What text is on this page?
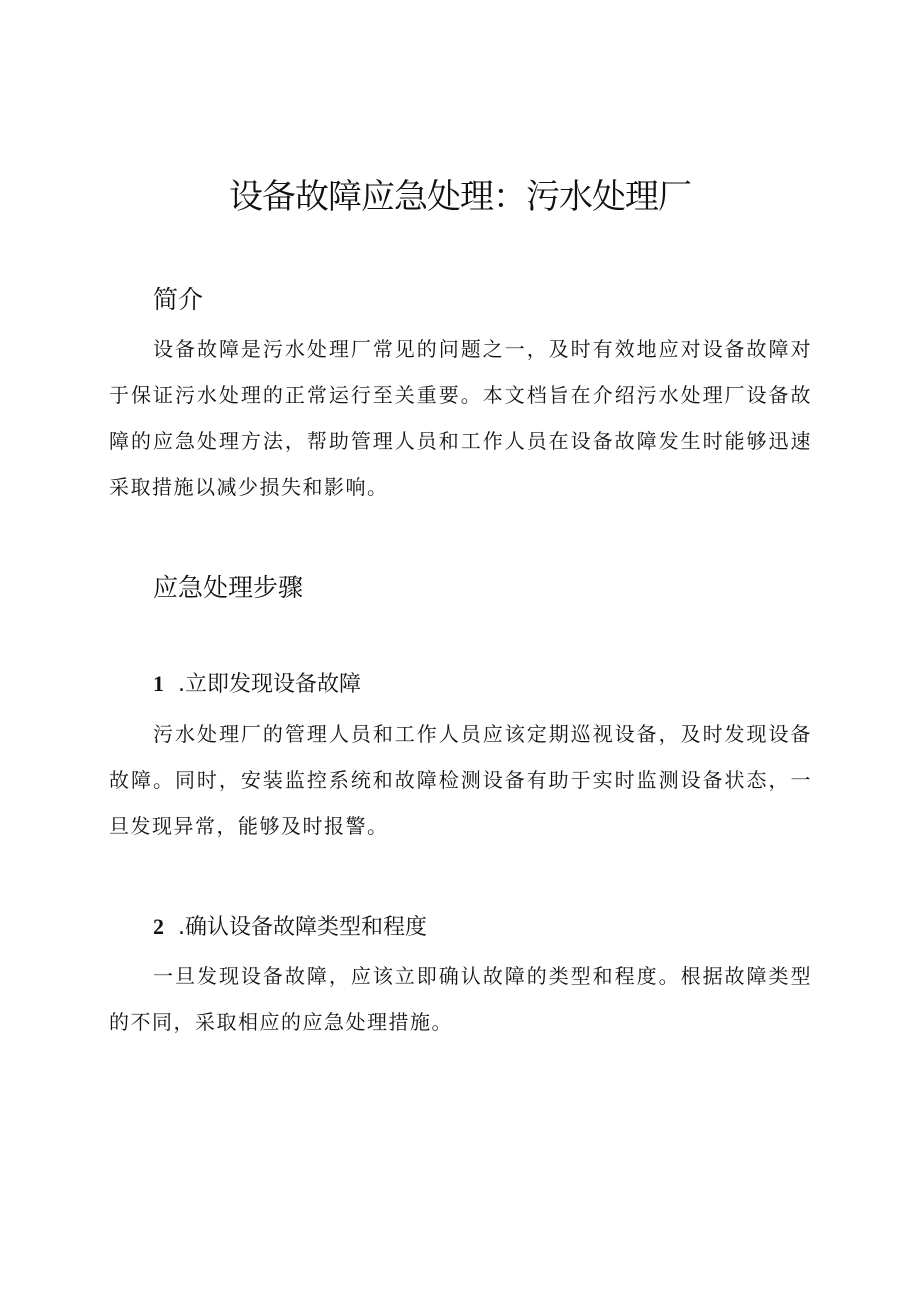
设备故障应急处理：污水处理厂
简介

设备故障是污水处理厂常见的问题之一，及时有效地应对设备故障对于保证污水处理的正常运行至关重要。本文档旨在介绍污水处理厂设备故障的应急处理方法，帮助管理人员和工作人员在设备故障发生时能够迅速采取措施以减少损失和影响。

应急处理步骤
1 .立即发现设备故障

污水处理厂的管理人员和工作人员应该定期巡视设备，及时发现设备故障。同时，安装监控系统和故障检测设备有助于实时监测设备状态，一旦发现异常，能够及时报警。

2 .确认设备故障类型和程度

一旦发现设备故障，应该立即确认故障的类型和程度。根据故障类型的不同，采取相应的应急处理措施。
